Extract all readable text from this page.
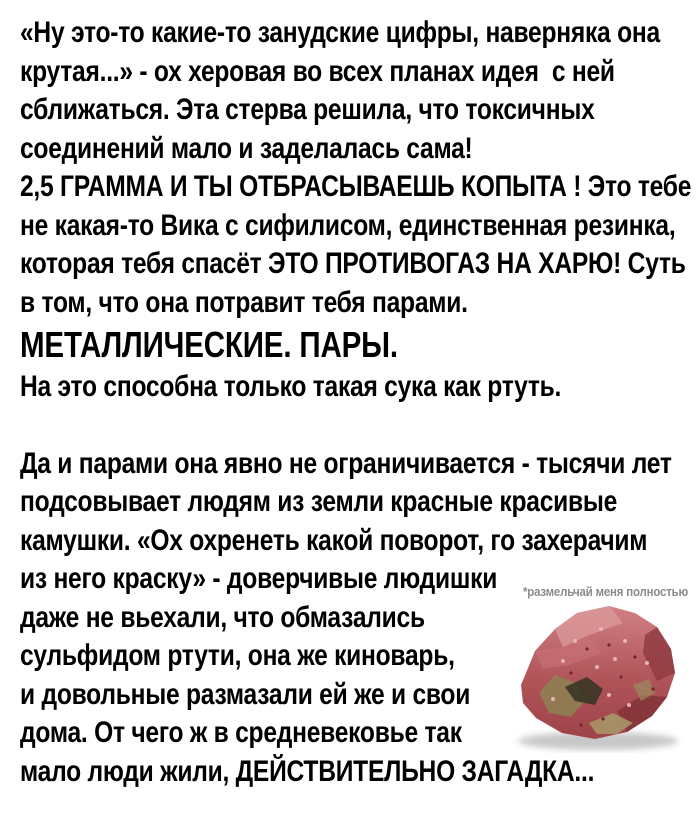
«Ну это-то какие-то занудские цифры, наверняка она
крутая...» - ох херовая во всех планах идея  с ней
сближаться. Эта стерва решила, что токсичных
соединений мало и заделалась сама!
2,5 ГРАММА И ТЫ ОТБРАСЫВАЕШЬ КОПЫТА ! Это тебе
не какая-то Вика с сифилисом, единственная резинка,
которая тебя спасёт ЭТО ПРОТИВОГАЗ НА ХАРЮ! Суть
в том, что она потравит тебя парами.
МЕТАЛЛИЧЕСКИЕ. ПАРЫ.
На это способна только такая сука как ртуть.
Да и парами она явно не ограничивается - тысячи лет
подсовывает людям из земли красные красивые
камушки. «Ох охренеть какой поворот, го захерачим
из него краску» - доверчивые людишки
даже не вьехали, что обмазались
сульфидом ртути, она же киноварь,
и довольные размазали ей же и свои
дома. От чего ж в средневековье так
мало люди жили, ДЕЙСТВИТЕЛЬНО ЗАГАДКА...
*размельчай меня полностью
